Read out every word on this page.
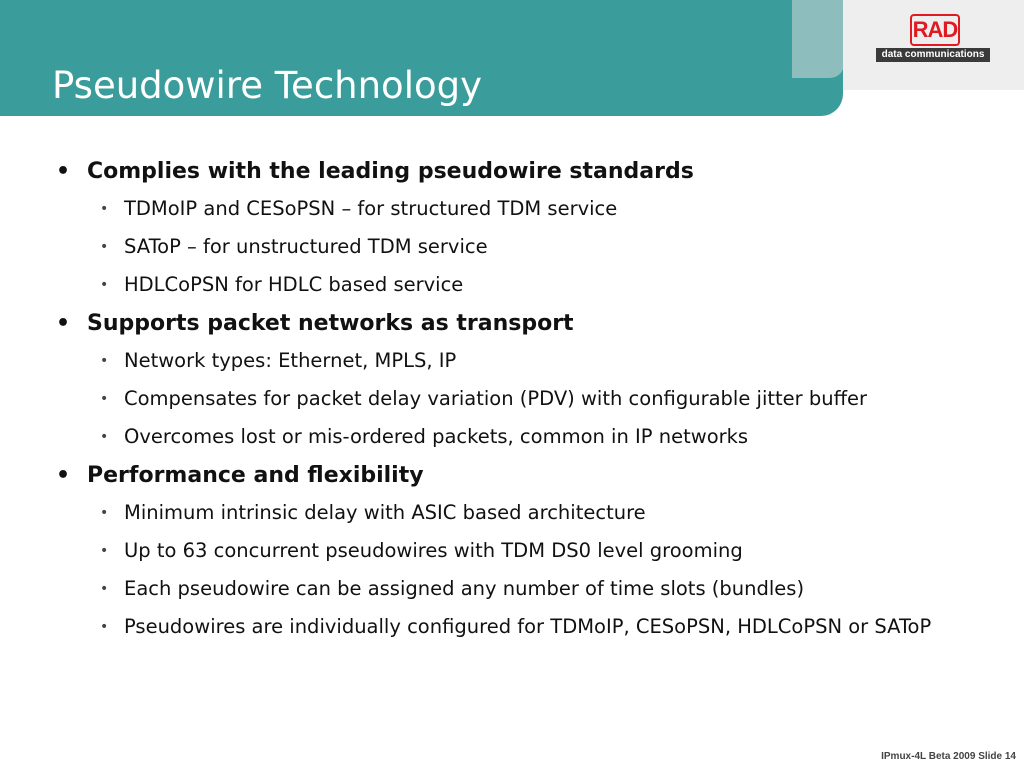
RAD
data communications
Pseudowire Technology
• Complies with the leading pseudowire standards
• TDMoIP and CESoPSN – for structured TDM service
• SAToP – for unstructured TDM service
• HDLCoPSN for HDLC based service
• Supports packet networks as transport
• Network types: Ethernet, MPLS, IP
• Compensates for packet delay variation (PDV) with configurable jitter buffer
• Overcomes lost or mis-ordered packets, common in IP networks
• Performance and flexibility
• Minimum intrinsic delay with ASIC based architecture
• Up to 63 concurrent pseudowires with TDM DS0 level grooming
• Each pseudowire can be assigned any number of time slots (bundles)
• Pseudowires are individually configured for TDMoIP, CESoPSN, HDLCoPSN or SAToP
IPmux-4L Beta 2009 Slide 14
